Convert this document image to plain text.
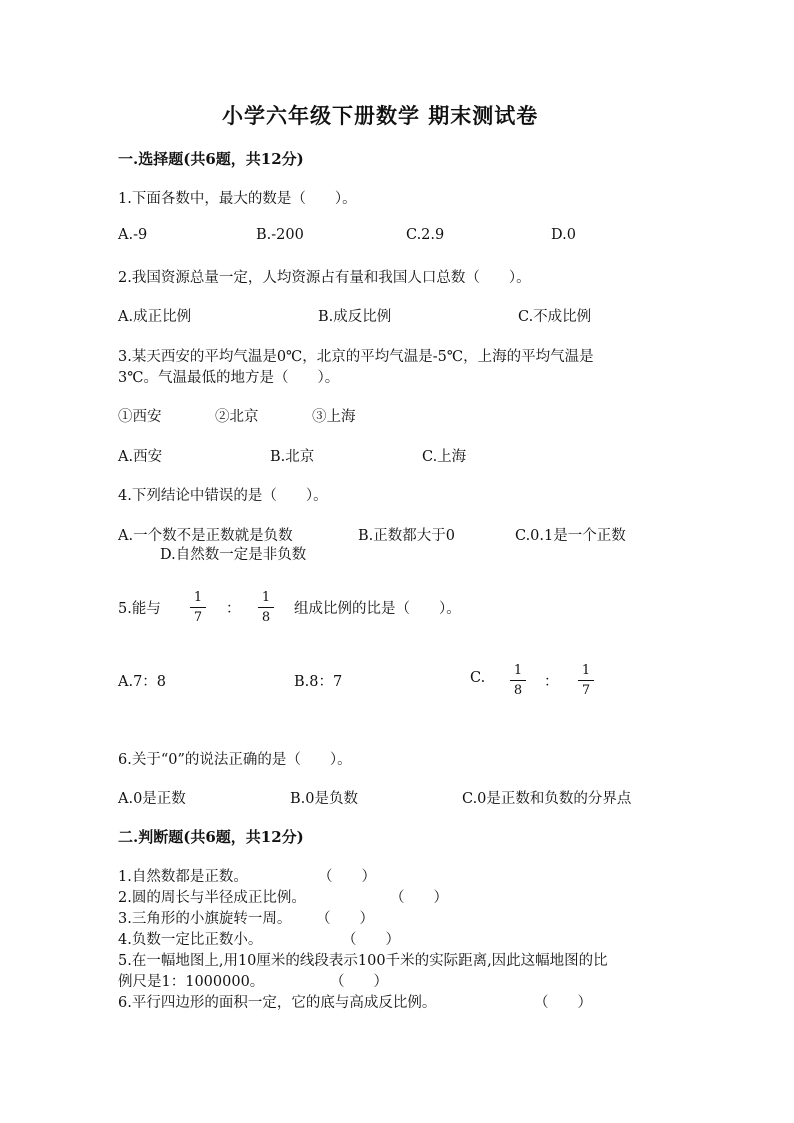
小学六年级下册数学 期末测试卷
一.选择题(共6题，共12分)
1.下面各数中，最大的数是（　　）。
A.-9	B.-200	C.2.9	D.0
2.我国资源总量一定，人均资源占有量和我国人口总数（　　）。
A.成正比例	B.成反比例	C.不成比例
3.某天西安的平均气温是0℃，北京的平均气温是-5℃，上海的平均气温是
3℃。气温最低的地方是（　　）。
①西安	②北京	③上海
A.西安	B.北京	C.上海
4.下列结论中错误的是（　　）。
A.一个数不是正数就是负数	B.正数都大于0	C.0.1是一个正数
D.自然数一定是非负数
5.能与
1
7
：
1
8
组成比例的比是（　　）。
A.7：8	B.8：7	C. 1
8
：
1
7
6.关于“0”的说法正确的是（　　）。
A.0是正数	B.0是负数	C.0是正数和负数的分界点
二.判断题(共6题，共12分)
1.自然数都是正数。	（　　）
2.圆的周长与半径成正比例。	（　　）
3.三角形的小旗旋转一周。 （　　）
4.负数一定比正数小。	（　　）
5.在一幅地图上,用10厘米的线段表示100千米的实际距离,因此这幅地图的比
例尺是1：1000000。	（　　）
6.平行四边形的面积一定，它的底与高成反比例。	（　　）
